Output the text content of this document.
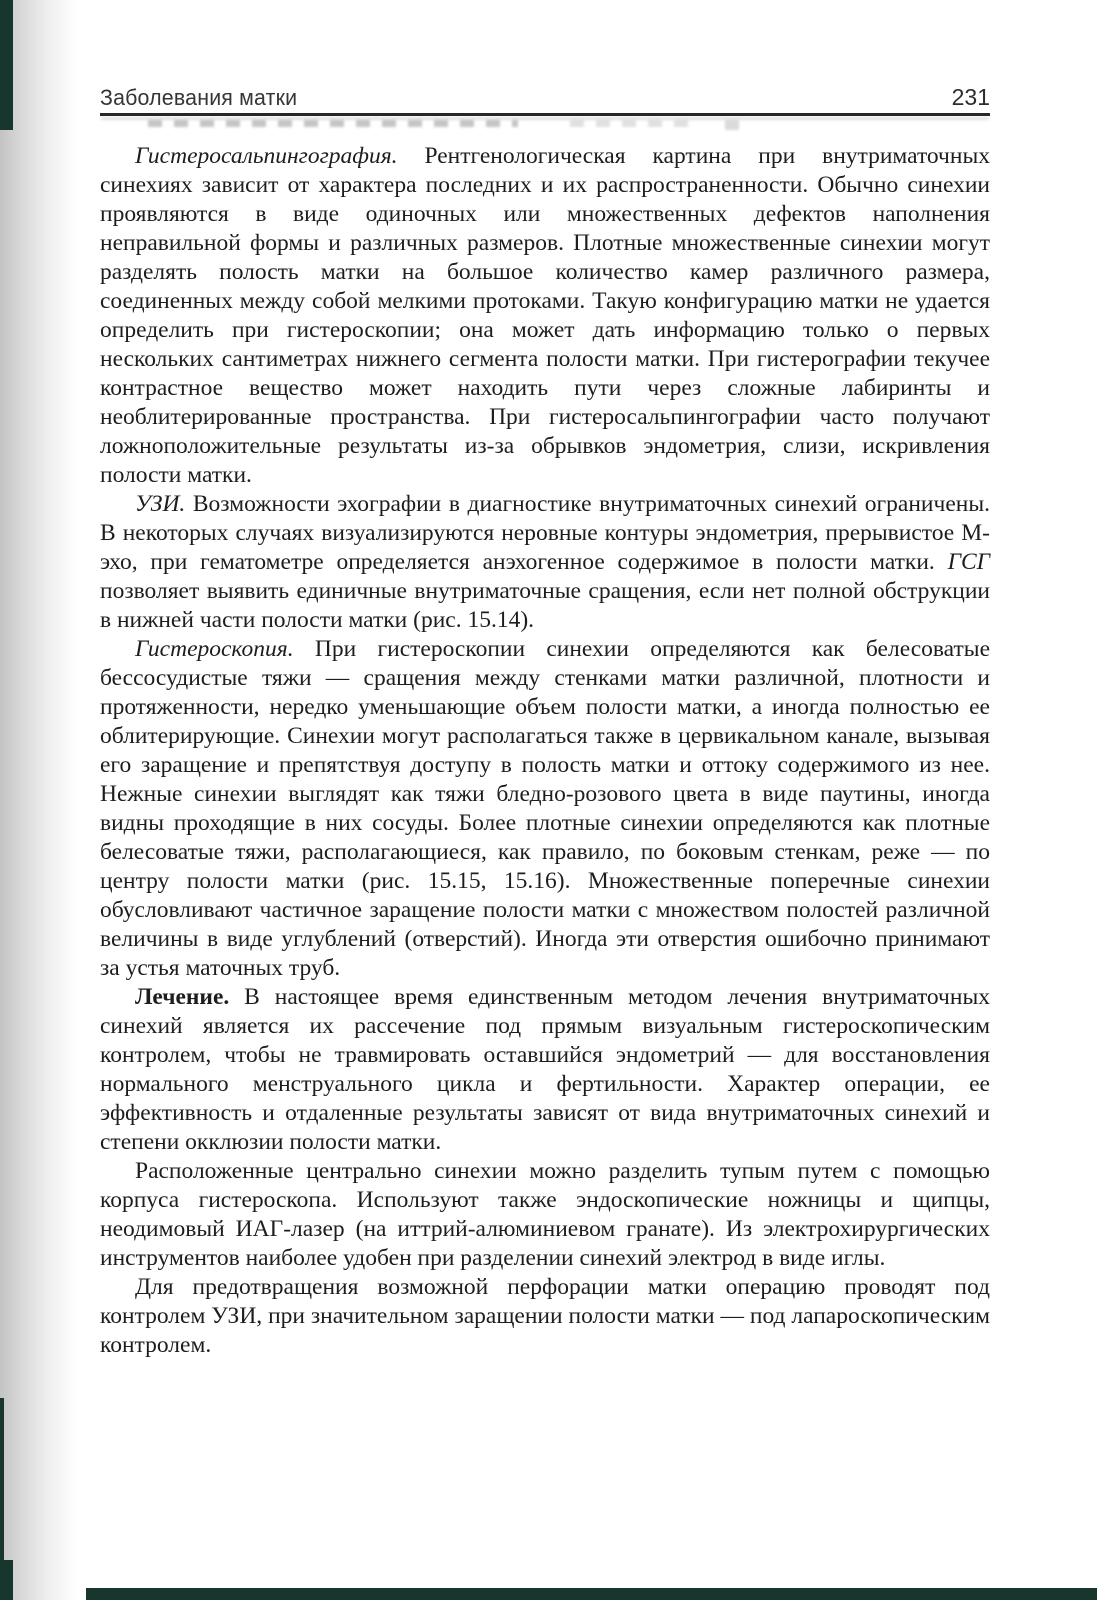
Заболевания матки	231

Гистеросальпингография. Рентгенологическая картина при внутриматочных синехиях зависит от характера последних и их распространенности. Обычно синехии проявляются в виде одиночных или множественных дефектов наполнения неправильной формы и различных размеров. Плотные множественные синехии могут разделять полость матки на большое количество камер различного размера, соединенных между собой мелкими протоками. Такую конфигурацию матки не удается определить при гистероскопии; она может дать информацию только о первых нескольких сантиметрах нижнего сегмента полости матки. При гистерографии текучее контрастное вещество может находить пути через сложные лабиринты и необлитерированные пространства. При гистеросальпингографии часто получают ложноположительные результаты из-за обрывков эндометрия, слизи, искривления полости матки.

УЗИ. Возможности эхографии в диагностике внутриматочных синехий ограничены. В некоторых случаях визуализируются неровные контуры эндометрия, прерывистое М-эхо, при гематометре определяется анэхогенное содержимое в полости матки. ГСГ позволяет выявить единичные внутриматочные сращения, если нет полной обструкции в нижней части полости матки (рис. 15.14).

Гистероскопия. При гистероскопии синехии определяются как белесоватые бессосудистые тяжи — сращения между стенками матки различной, плотности и протяженности, нередко уменьшающие объем полости матки, а иногда полностью ее облитерирующие. Синехии могут располагаться также в цервикальном канале, вызывая его заращение и препятствуя доступу в полость матки и оттоку содержимого из нее. Нежные синехии выглядят как тяжи бледно-розового цвета в виде паутины, иногда видны проходящие в них сосуды. Более плотные синехии определяются как плотные белесоватые тяжи, располагающиеся, как правило, по боковым стенкам, реже — по центру полости матки (рис. 15.15, 15.16). Множественные поперечные синехии обусловливают частичное заращение полости матки с множеством полостей различной величины в виде углублений (отверстий). Иногда эти отверстия ошибочно принимают за устья маточных труб.

Лечение. В настоящее время единственным методом лечения внутриматочных синехий является их рассечение под прямым визуальным гистероскопическим контролем, чтобы не травмировать оставшийся эндометрий — для восстановления нормального менструального цикла и фертильности. Характер операции, ее эффективность и отдаленные результаты зависят от вида внутриматочных синехий и степени окклюзии полости матки.

Расположенные центрально синехии можно разделить тупым путем с помощью корпуса гистероскопа. Используют также эндоскопические ножницы и щипцы, неодимовый ИАГ-лазер (на иттрий-алюминиевом гранате). Из электрохирургических инструментов наиболее удобен при разделении синехий электрод в виде иглы.

Для предотвращения возможной перфорации матки операцию проводят под контролем УЗИ, при значительном заращении полости матки — под лапароскопическим контролем.
